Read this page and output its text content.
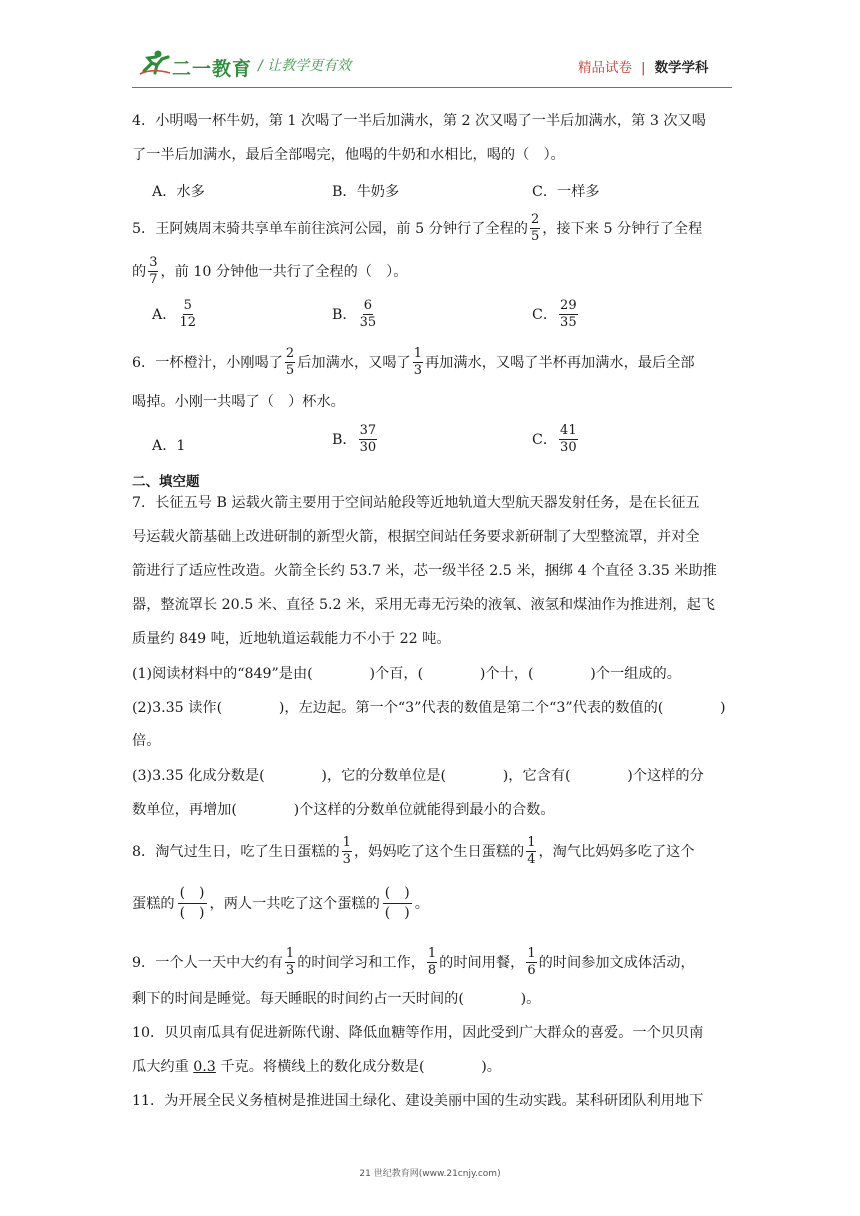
二一教育 / 让教学更有效	精品试卷 | 数学学科
4．小明喝一杯牛奶，第 1 次喝了一半后加满水，第 2 次又喝了一半后加满水，第 3 次又喝
了一半后加满水，最后全部喝完，他喝的牛奶和水相比，喝的（　）。
A．水多	B．牛奶多	C．一样多
5．王阿姨周末骑共享单车前往滨河公园，前 5 分钟行了全程的 $\frac{2}{5}$ ，接下来 5 分钟行了全程
的 $\frac{3}{7}$ ，前 10 分钟他一共行了全程的（　）。
A． $\frac{5}{12}$	B． $\frac{6}{35}$	C． $\frac{29}{35}$
6．一杯橙汁，小刚喝了 $\frac{2}{5}$ 后加满水，又喝了 $\frac{1}{3}$ 再加满水，又喝了半杯再加满水，最后全部
喝掉。小刚一共喝了（　）杯水。
A．1	B． $\frac{37}{30}$	C． $\frac{41}{30}$
二、填空题
7．长征五号 B 运载火箭主要用于空间站舱段等近地轨道大型航天器发射任务，是在长征五
号运载火箭基础上改进研制的新型火箭，根据空间站任务要求新研制了大型整流罩，并对全
箭进行了适应性改造。火箭全长约 53.7 米，芯一级半径 2.5 米，捆绑 4 个直径 3.35 米助推
器，整流罩长 20.5 米、直径 5.2 米，采用无毒无污染的液氧、液氢和煤油作为推进剂，起飞
质量约 849 吨，近地轨道运载能力不小于 22 吨。
(1)阅读材料中的“849”是由(　　　　)个百，(　　　　)个十，(　　　　)个一组成的。
(2)3.35 读作(　　　　)，左边起。第一个“3”代表的数值是第二个“3”代表的数值的(　　　　)
倍。
(3)3.35 化成分数是(　　　　)，它的分数单位是(　　　　)，它含有(　　　　)个这样的分
数单位，再增加(　　　　)个这样的分数单位就能得到最小的合数。
8．淘气过生日，吃了生日蛋糕的 $\frac{1}{3}$ ，妈妈吃了这个生日蛋糕的 $\frac{1}{4}$ ，淘气比妈妈多吃了这个
蛋糕的
(　)
(　)
，两人一共吃了这个蛋糕的
(　)
(　)
。
9．一个人一天中大约有 $\frac{1}{3}$ 的时间学习和工作， $\frac{1}{8}$ 的时间用餐， $\frac{1}{6}$ 的时间参加文成体活动，
剩下的时间是睡觉。每天睡眠的时间约占一天时间的(　　　　)。
10．贝贝南瓜具有促进新陈代谢、降低血糖等作用，因此受到广大群众的喜爱。一个贝贝南
瓜大约重 0.3 千克。将横线上的数化成分数是(　　　　)。
11．为开展全民义务植树是推进国土绿化、建设美丽中国的生动实践。某科研团队利用地下
21 世纪教育网(www.21cnjy.com)
